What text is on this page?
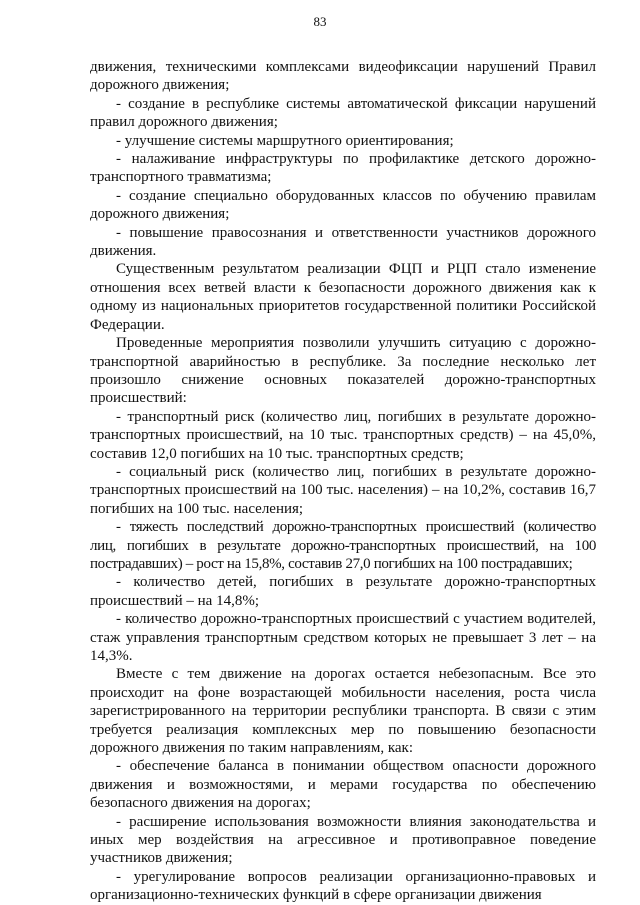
83

движения, техническими комплексами видеофиксации нарушений Правил дорожного движения;

- создание в республике системы автоматической фиксации нарушений правил дорожного движения;

- улучшение системы маршрутного ориентирования;

- налаживание инфраструктуры по профилактике детского дорожно-транспортного травматизма;

- создание специально оборудованных классов по обучению правилам дорожного движения;

- повышение правосознания и ответственности участников дорожного движения.

Существенным результатом реализации ФЦП и РЦП стало изменение отношения всех ветвей власти к безопасности дорожного движения как к одному из национальных приоритетов государственной политики Российской Федерации.

Проведенные мероприятия позволили улучшить ситуацию с дорожно-транспортной аварийностью в республике. За последние несколько лет произошло снижение основных показателей дорожно-транспортных происшествий:

- транспортный риск (количество лиц, погибших в результате дорожно-транспортных происшествий, на 10 тыс. транспортных средств) – на 45,0%, составив 12,0 погибших на 10 тыс. транспортных средств;

- социальный риск (количество лиц, погибших в результате дорожно-транспортных происшествий на 100 тыс. населения) – на 10,2%, составив 16,7 погибших на 100 тыс. населения;

- тяжесть последствий дорожно-транспортных происшествий (количество лиц, погибших в результате дорожно-транспортных происшествий, на 100 пострадавших) – рост на 15,8%, составив 27,0 погибших на 100 пострадавших;

- количество детей, погибших в результате дорожно-транспортных происшествий – на 14,8%;

- количество дорожно-транспортных происшествий с участием водителей, стаж управления транспортным средством которых не превышает 3 лет – на 14,3%.

Вместе с тем движение на дорогах остается небезопасным. Все это происходит на фоне возрастающей мобильности населения, роста числа зарегистрированного на территории республики транспорта. В связи с этим требуется реализация комплексных мер по повышению безопасности дорожного движения по таким направлениям, как:

- обеспечение баланса в понимании обществом опасности дорожного движения и возможностями, и мерами государства по обеспечению безопасного движения на дорогах;

- расширение использования возможности влияния законодательства и иных мер воздействия на агрессивное и противоправное поведение участников движения;

- урегулирование вопросов реализации организационно-правовых и организационно-технических функций в сфере организации движения
